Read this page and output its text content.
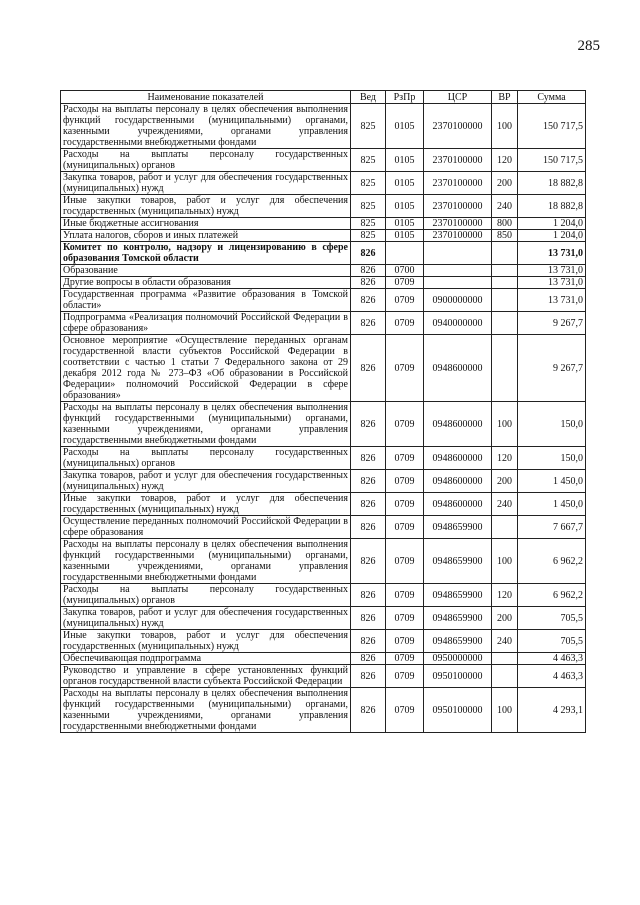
285
Наименование показателей	Вед	РзПр	ЦСР	ВР	Сумма
Расходы на выплаты персоналу в целях обеспечения выполнения функций государственными (муниципальными) органами, казенными учреждениями, органами управления государственными внебюджетными фондами	825	0105	2370100000	100	150 717,5
Расходы на выплаты персоналу государственных (муниципальных) органов	825	0105	2370100000	120	150 717,5
Закупка товаров, работ и услуг для обеспечения государственных (муниципальных) нужд	825	0105	2370100000	200	18 882,8
Иные закупки товаров, работ и услуг для обеспечения государственных (муниципальных) нужд	825	0105	2370100000	240	18 882,8
Иные бюджетные ассигнования	825	0105	2370100000	800	1 204,0
Уплата налогов, сборов и иных платежей	825	0105	2370100000	850	1 204,0
Комитет по контролю, надзору и лицензированию в сфере образования Томской области	826				13 731,0
Образование	826	0700			13 731,0
Другие вопросы в области образования	826	0709			13 731,0
Государственная программа «Развитие образования в Томской области»	826	0709	0900000000		13 731,0
Подпрограмма «Реализация полномочий Российской Федерации в сфере образования»	826	0709	0940000000		9 267,7
Основное мероприятие «Осуществление переданных органам государственной власти субъектов Российской Федерации в соответствии с частью 1 статьи 7 Федерального закона от 29 декабря 2012 года № 273–ФЗ «Об образовании в Российской Федерации» полномочий Российской Федерации в сфере образования»	826	0709	0948600000		9 267,7
Расходы на выплаты персоналу в целях обеспечения выполнения функций государственными (муниципальными) органами, казенными учреждениями, органами управления государственными внебюджетными фондами	826	0709	0948600000	100	150,0
Расходы на выплаты персоналу государственных (муниципальных) органов	826	0709	0948600000	120	150,0
Закупка товаров, работ и услуг для обеспечения государственных (муниципальных) нужд	826	0709	0948600000	200	1 450,0
Иные закупки товаров, работ и услуг для обеспечения государственных (муниципальных) нужд	826	0709	0948600000	240	1 450,0
Осуществление переданных полномочий Российской Федерации в сфере образования	826	0709	0948659900		7 667,7
Расходы на выплаты персоналу в целях обеспечения выполнения функций государственными (муниципальными) органами, казенными учреждениями, органами управления государственными внебюджетными фондами	826	0709	0948659900	100	6 962,2
Расходы на выплаты персоналу государственных (муниципальных) органов	826	0709	0948659900	120	6 962,2
Закупка товаров, работ и услуг для обеспечения государственных (муниципальных) нужд	826	0709	0948659900	200	705,5
Иные закупки товаров, работ и услуг для обеспечения государственных (муниципальных) нужд	826	0709	0948659900	240	705,5
Обеспечивающая подпрограмма	826	0709	0950000000		4 463,3
Руководство и управление в сфере установленных функций органов государственной власти субъекта Российской Федерации	826	0709	0950100000		4 463,3
Расходы на выплаты персоналу в целях обеспечения выполнения функций государственными (муниципальными) органами, казенными учреждениями, органами управления государственными внебюджетными фондами	826	0709	0950100000	100	4 293,1
